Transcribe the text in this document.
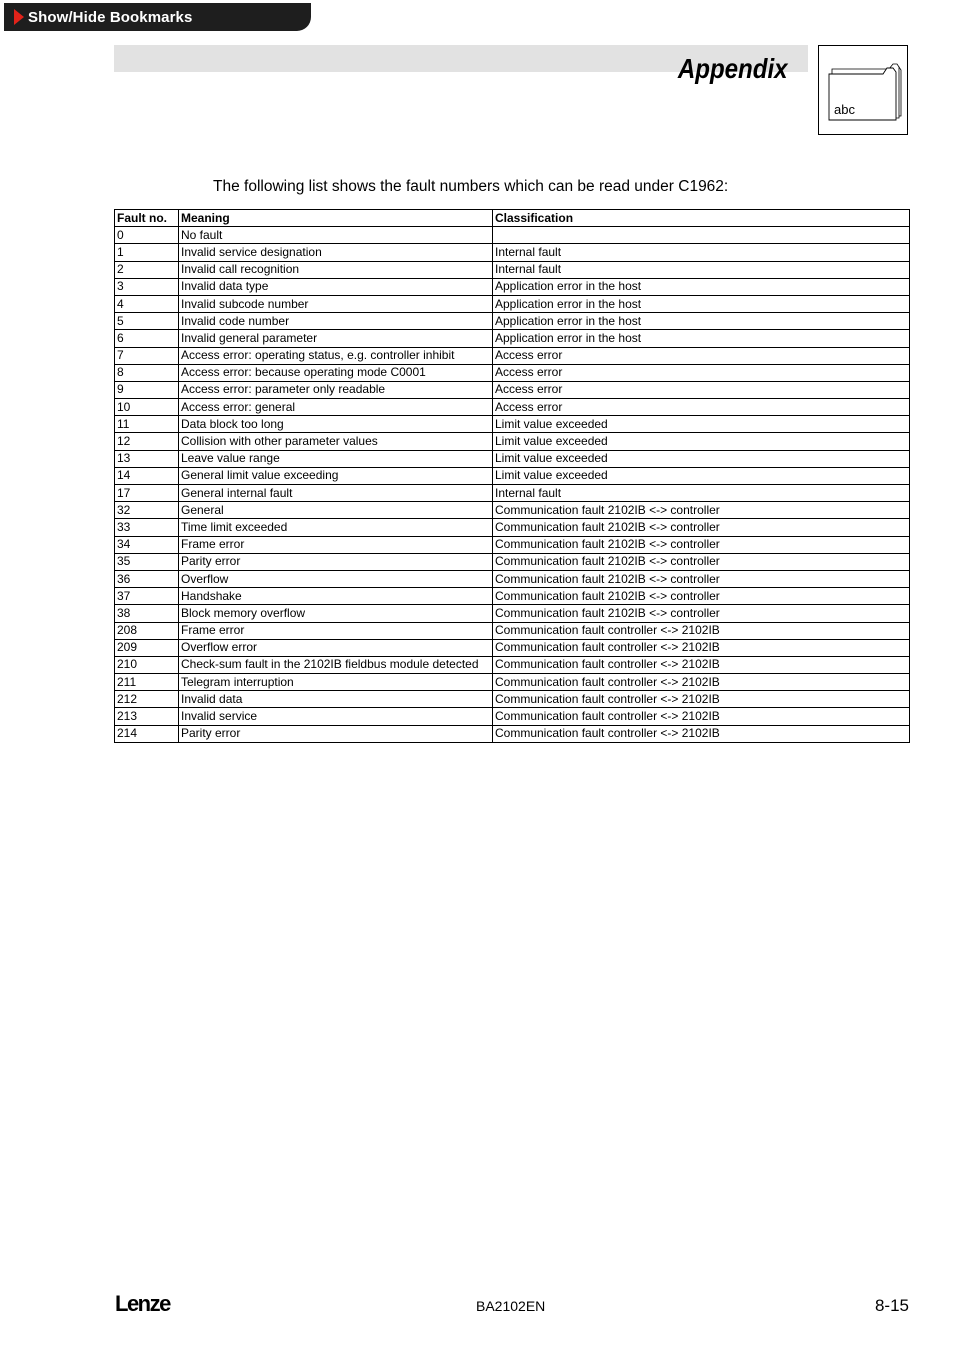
Show/Hide Bookmarks
Appendix
abc
The following list shows the fault numbers which can be read under C1962:
Fault no.	Meaning	Classification
0	No fault	
1	Invalid service designation	Internal fault
2	Invalid call recognition	Internal fault
3	Invalid data type	Application error in the host
4	Invalid subcode number	Application error in the host
5	Invalid code number	Application error in the host
6	Invalid general parameter	Application error in the host
7	Access error: operating status, e.g. controller inhibit	Access error
8	Access error: because operating mode C0001	Access error
9	Access error: parameter only readable	Access error
10	Access error: general	Access error
11	Data block too long	Limit value exceeded
12	Collision with other parameter values	Limit value exceeded
13	Leave value range	Limit value exceeded
14	General limit value exceeding	Limit value exceeded
17	General internal fault	Internal fault
32	General	Communication fault 2102IB <-> controller
33	Time limit exceeded	Communication fault 2102IB <-> controller
34	Frame error	Communication fault 2102IB <-> controller
35	Parity error	Communication fault 2102IB <-> controller
36	Overflow	Communication fault 2102IB <-> controller
37	Handshake	Communication fault 2102IB <-> controller
38	Block memory overflow	Communication fault 2102IB <-> controller
208	Frame error	Communication fault controller <-> 2102IB
209	Overflow error	Communication fault controller <-> 2102IB
210	Check-sum fault in the 2102IB fieldbus module detected	Communication fault controller <-> 2102IB
211	Telegram interruption	Communication fault controller <-> 2102IB
212	Invalid data	Communication fault controller <-> 2102IB
213	Invalid service	Communication fault controller <-> 2102IB
214	Parity error	Communication fault controller <-> 2102IB
Lenze	BA2102EN	8-15
